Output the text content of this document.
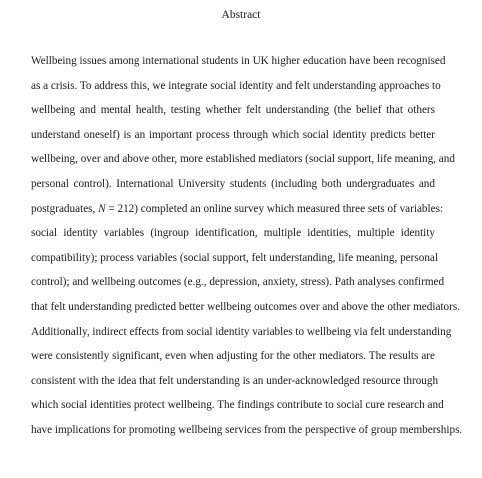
Abstract
Wellbeing issues among international students in UK higher education have been recognised
as a crisis. To address this, we integrate social identity and felt understanding approaches to
wellbeing and mental health, testing whether felt understanding (the belief that others
understand oneself) is an important process through which social identity predicts better
wellbeing, over and above other, more established mediators (social support, life meaning, and
personal control). International University students (including both undergraduates and
postgraduates, N = 212) completed an online survey which measured three sets of variables:
social identity variables (ingroup identification, multiple identities, multiple identity
compatibility); process variables (social support, felt understanding, life meaning, personal
control); and wellbeing outcomes (e.g., depression, anxiety, stress). Path analyses confirmed
that felt understanding predicted better wellbeing outcomes over and above the other mediators.
Additionally, indirect effects from social identity variables to wellbeing via felt understanding
were consistently significant, even when adjusting for the other mediators. The results are
consistent with the idea that felt understanding is an under-acknowledged resource through
which social identities protect wellbeing. The findings contribute to social cure research and
have implications for promoting wellbeing services from the perspective of group memberships.
